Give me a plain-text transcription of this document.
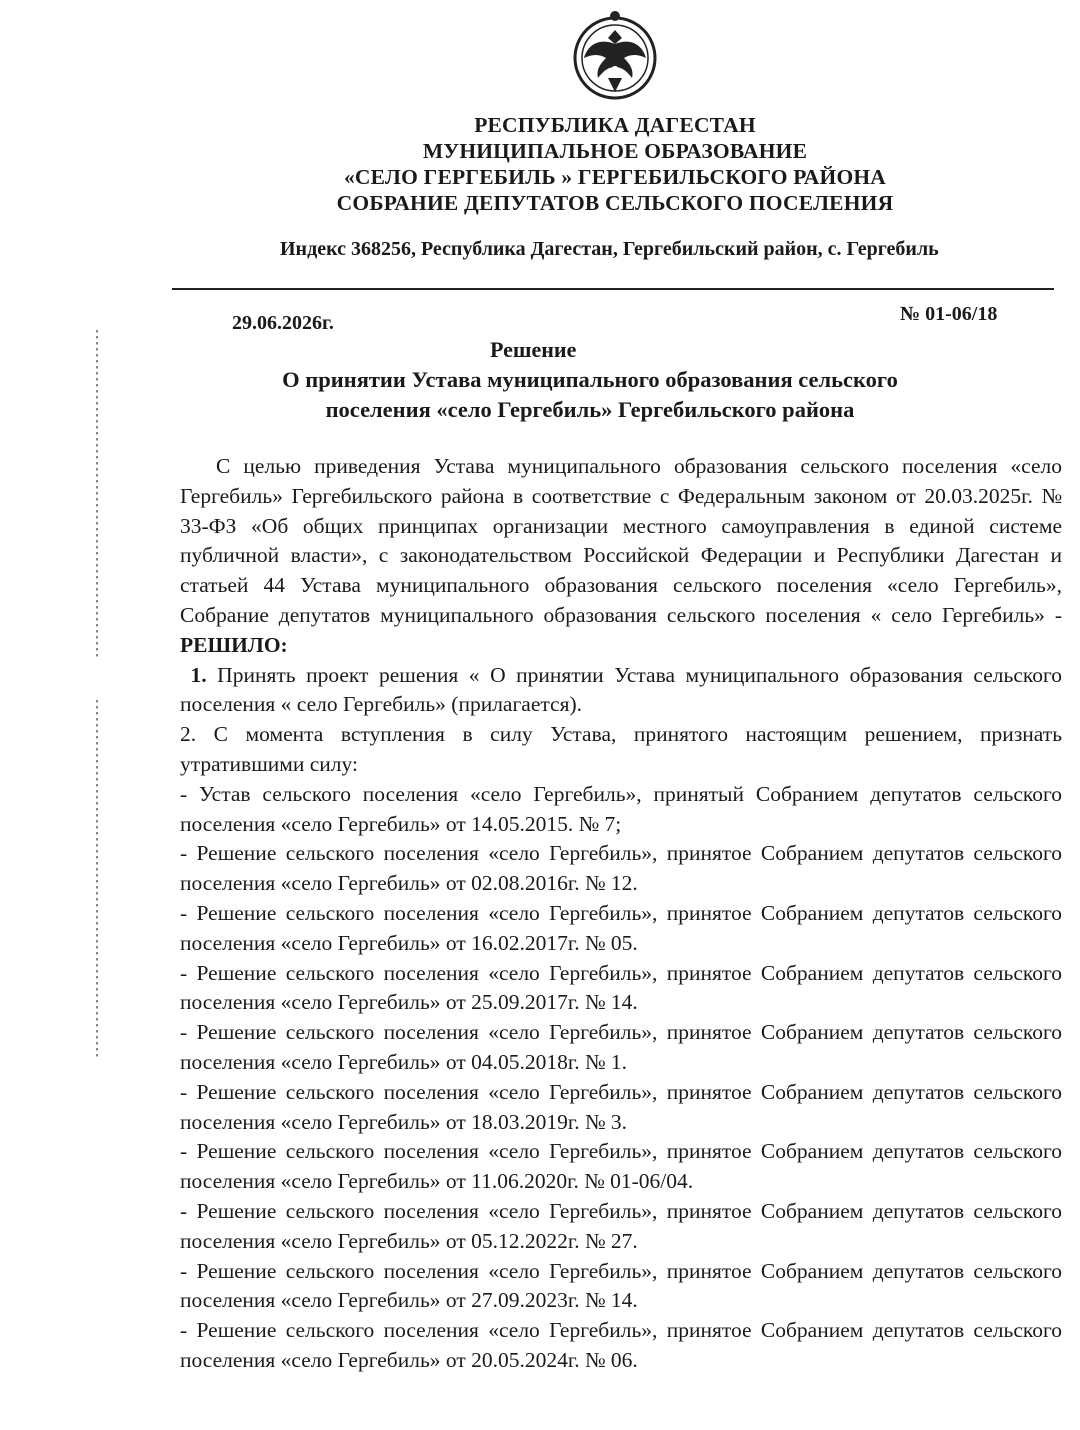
РЕСПУБЛИКА ДАГЕСТАН
МУНИЦИПАЛЬНОЕ ОБРАЗОВАНИЕ
«СЕЛО ГЕРГЕБИЛЬ » ГЕРГЕБИЛЬСКОГО РАЙОНА
СОБРАНИЕ ДЕПУТАТОВ СЕЛЬСКОГО ПОСЕЛЕНИЯ
Индекс 368256, Республика Дагестан, Гергебильский район, с. Гергебиль
29.06.2026г.	№ 01-06/18
Решение
О принятии Устава муниципального образования сельского
поселения «село Гергебиль» Гергебильского района

С целью приведения Устава муниципального образования сельского поселения «село Гергебиль» Гергебильского района в соответствие с Федеральным законом от 20.03.2025г. № 33-ФЗ «Об общих принципах организации местного самоуправления в единой системе публичной власти», с законодательством Российской Федерации и Республики Дагестан и статьей 44 Устава муниципального образования сельского поселения «село Гергебиль», Собрание депутатов муниципального образования сельского поселения « село Гергебиль» - РЕШИЛО:

1. Принять проект решения « О принятии Устава муниципального образования сельского поселения « село Гергебиль» (прилагается).

2. С момента вступления в силу Устава, принятого настоящим решением, признать утратившими силу:

- Устав сельского поселения «село Гергебиль», принятый Собранием депутатов сельского поселения «село Гергебиль» от 14.05.2015. № 7;

- Решение сельского поселения «село Гергебиль», принятое Собранием депутатов сельского поселения «село Гергебиль» от 02.08.2016г. № 12.

- Решение сельского поселения «село Гергебиль», принятое Собранием депутатов сельского поселения «село Гергебиль» от 16.02.2017г. № 05.

- Решение сельского поселения «село Гергебиль», принятое Собранием депутатов сельского поселения «село Гергебиль» от 25.09.2017г. № 14.

- Решение сельского поселения «село Гергебиль», принятое Собранием депутатов сельского поселения «село Гергебиль» от 04.05.2018г. № 1.

- Решение сельского поселения «село Гергебиль», принятое Собранием депутатов сельского поселения «село Гергебиль» от 18.03.2019г. № 3.

- Решение сельского поселения «село Гергебиль», принятое Собранием депутатов сельского поселения «село Гергебиль» от 11.06.2020г. № 01-06/04.

- Решение сельского поселения «село Гергебиль», принятое Собранием депутатов сельского поселения «село Гергебиль» от 05.12.2022г. № 27.

- Решение сельского поселения «село Гергебиль», принятое Собранием депутатов сельского поселения «село Гергебиль» от 27.09.2023г. № 14.

- Решение сельского поселения «село Гергебиль», принятое Собранием депутатов сельского поселения «село Гергебиль» от 20.05.2024г. № 06.
